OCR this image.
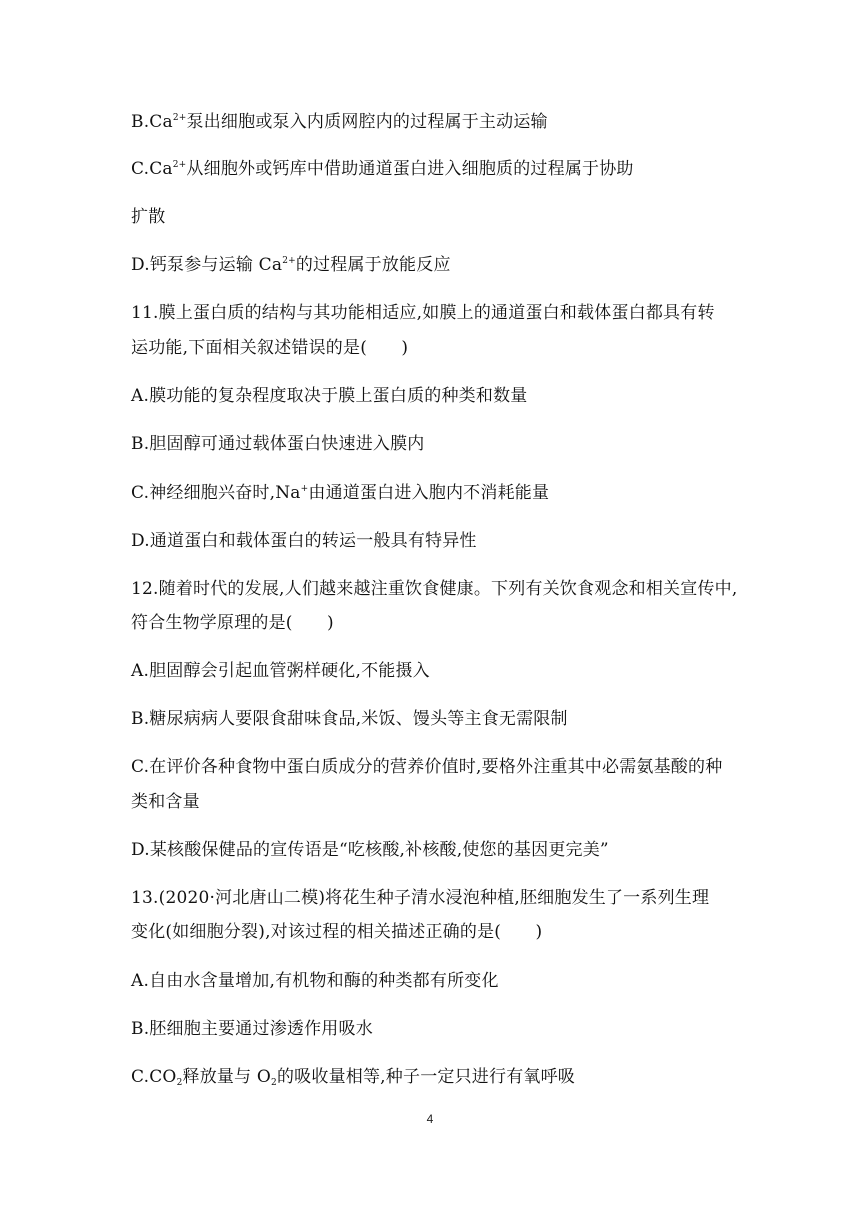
$B.Ca^{2+}$泵出细胞或泵入内质网腔内的过程属于主动运输
$C.Ca^{2+}$从细胞外或钙库中借助通道蛋白进入细胞质的过程属于协助
扩散
D.钙泵参与运输 $Ca^{2+}$的过程属于放能反应
11.膜上蛋白质的结构与其功能相适应,如膜上的通道蛋白和载体蛋白都具有转
运功能,下面相关叙述错误的是(　　)
A.膜功能的复杂程度取决于膜上蛋白质的种类和数量
B.胆固醇可通过载体蛋白快速进入膜内
C.神经细胞兴奋时,Na+由通道蛋白进入胞内不消耗能量
D.通道蛋白和载体蛋白的转运一般具有特异性
12.随着时代的发展,人们越来越注重饮食健康。下列有关饮食观念和相关宣传中,
符合生物学原理的是(　　)
A.胆固醇会引起血管粥样硬化,不能摄入
B.糖尿病病人要限食甜味食品,米饭、馒头等主食无需限制
C.在评价各种食物中蛋白质成分的营养价值时,要格外注重其中必需氨基酸的种
类和含量
D.某核酸保健品的宣传语是“吃核酸,补核酸,使您的基因更完美”
13.(2020·河北唐山二模)将花生种子清水浸泡种植,胚细胞发生了一系列生理
变化(如细胞分裂),对该过程的相关描述正确的是(　　)
A.自由水含量增加,有机物和酶的种类都有所变化
B.胚细胞主要通过渗透作用吸水
$C.CO_2$释放量与 $O_2$的吸收量相等,种子一定只进行有氧呼吸
4
